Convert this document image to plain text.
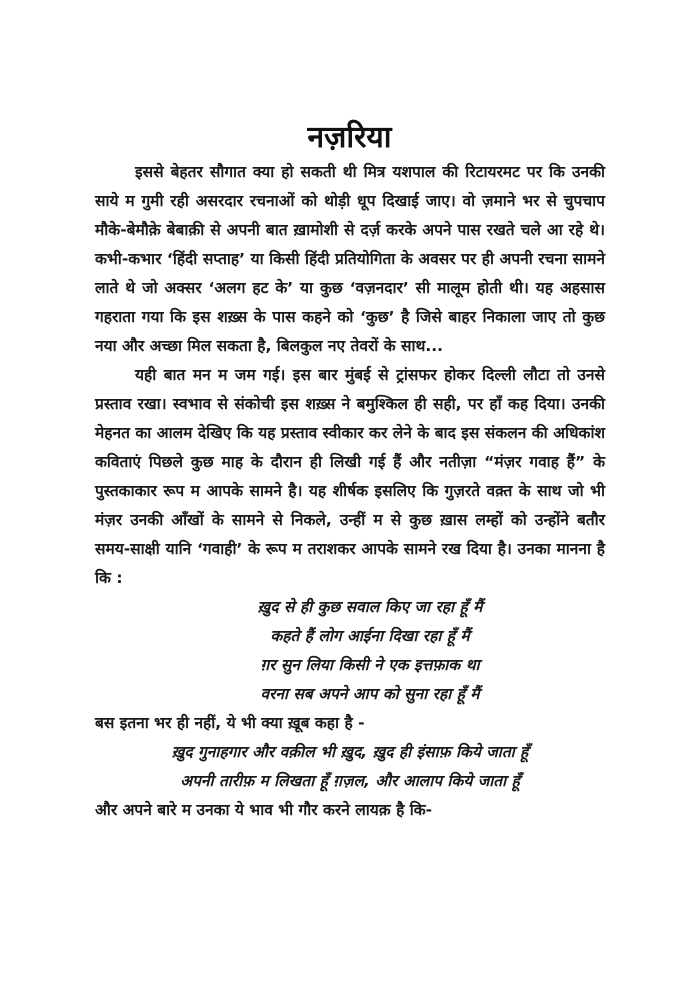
नज़रिया

इससे बेहतर सौगात क्या हो सकती थी मित्र यशपाल की रिटायरमट पर कि उनकी साये म गुमी रही असरदार रचनाओं को थोड़ी धूप दिखाई जाए। वो ज़माने भर से चुपचाप मौके-बेमौक़े बेबाक़ी से अपनी बात ख़ामोशी से दर्ज़ करके अपने पास रखते चले आ रहे थे। कभी-कभार ‘हिंदी सप्ताह’ या किसी हिंदी प्रतियोगिता के अवसर पर ही अपनी रचना सामने लाते थे जो अक्सर ‘अलग हट के’ या कुछ ‘वज़नदार’ सी मालूम होती थी। यह अहसास गहराता गया कि इस शख़्स के पास कहने को ‘कुछ’ है जिसे बाहर निकाला जाए तो कुछ नया और अच्छा मिल सकता है, बिलकुल नए तेवरों के साथ...

यही बात मन म जम गई। इस बार मुंबई से ट्रांसफर होकर दिल्ली लौटा तो उनसे प्रस्ताव रखा। स्वभाव से संकोची इस शख़्स ने बमुश्किल ही सही, पर हाँ कह दिया। उनकी मेहनत का आलम देखिए कि यह प्रस्ताव स्वीकार कर लेने के बाद इस संकलन की अधिकांश कविताएं पिछले कुछ माह के दौरान ही लिखी गई हैं और नतीज़ा “मंज़र गवाह हैं” के पुस्तकाकार रूप म आपके सामने है। यह शीर्षक इसलिए कि गुज़रते वक़्त के साथ जो भी मंज़र उनकी आँखों के सामने से निकले, उन्हीं म से कुछ ख़ास लम्हों को उन्होंने बतौर समय-साक्षी यानि ‘गवाही’ के रूप म तराशकर आपके सामने रख दिया है। उनका मानना है कि :

ख़ुद से ही कुछ सवाल किए जा रहा हूँ मैं
कहते हैं लोग आईना दिखा रहा हूँ मैं
ग़र सुन लिया किसी ने एक इत्तफ़ाक था
वरना सब अपने आप को सुना रहा हूँ मैं

बस इतना भर ही नहीं, ये भी क्या ख़ूब कहा है -

ख़ुद गुनाहगार और वक़ील भी ख़ुद, ख़ुद ही इंसाफ़ किये जाता हूँ
अपनी तारीफ़ म लिखता हूँ ग़ज़ल, और आलाप किये जाता हूँ

और अपने बारे म उनका ये भाव भी गौर करने लायक़ है कि-
